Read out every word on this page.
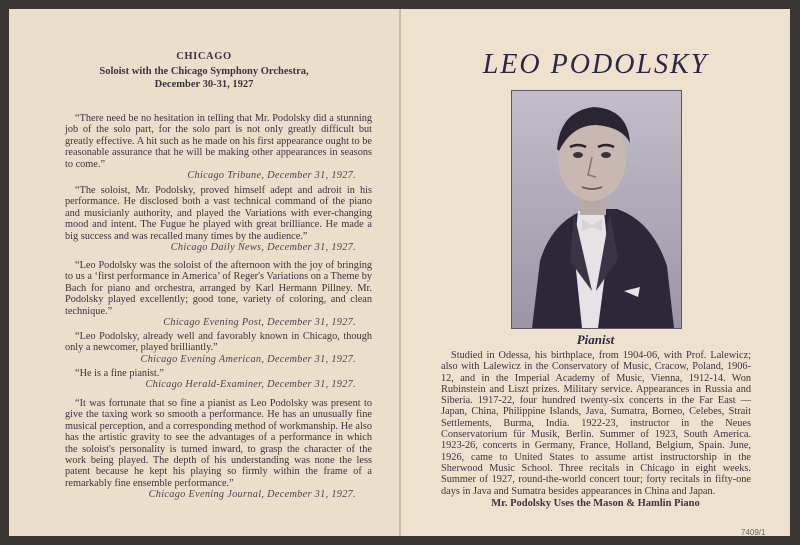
CHICAGO
Soloist with the Chicago Symphony Orchestra,
December 30-31, 1927
“There need be no hesitation in telling that Mr. Podolsky did a stunning job of the solo part, for the solo part is not only greatly difficult but greatly effective. A hit such as he made on his first appearance ought to be reasonable assurance that he will be making other appearances in seasons to come.”
Chicago Tribune, December 31, 1927.
“The soloist, Mr. Podolsky, proved himself adept and adroit in his performance. He disclosed both a vast technical command of the piano and musicianly authority, and played the Variations with ever-changing mood and intent. The Fugue he played with great brilliance. He made a big success and was recalled many times by the audience.”
Chicago Daily News, December 31, 1927.
“Leo Podolsky was the soloist of the afternoon with the joy of bringing to us a ‘first performance in America’ of Reger's Variations on a Theme by Bach for piano and orchestra, arranged by Karl Hermann Pillney. Mr. Podolsky played excellently; good tone, variety of coloring, and clean technique.”
Chicago Evening Post, December 31, 1927.
“Leo Podolsky, already well and favorably known in Chicago, though only a newcomer, played brilliantly.”
Chicago Evening American, December 31, 1927.
“He is a fine pianist.”
Chicago Herald-Examiner, December 31, 1927.
“It was fortunate that so fine a pianist as Leo Podolsky was present to give the taxing work so smooth a performance. He has an unusually fine musical perception, and a corresponding method of workmanship. He also has the artistic gravity to see the advantages of a performance in which the soloist's personality is turned inward, to grasp the character of the work being played. The depth of his understanding was none the less patent because he kept his playing so firmly within the frame of a remarkably fine ensemble performance.”
Chicago Evening Journal, December 31, 1927.
LEO PODOLSKY
Pianist
Studied in Odessa, his birthplace, from 1904-06, with Prof. Lalewicz; also with Lalewicz in the Conservatory of Music, Cracow, Poland, 1906-12, and in the Imperial Academy of Music, Vienna, 1912-14. Won Rubinstein and Liszt prizes. Military service. Appearances in Russia and Siberia. 1917-22, four hundred twenty-six concerts in the Far East — Japan, China, Philippine Islands, Java, Sumatra, Borneo, Celebes, Strait Settlements, Burma, India. 1922-23, instructor in the Neues Conservatorium für Musik, Berlin. Summer of 1923, South America. 1923-26, concerts in Germany, France, Holland, Belgium, Spain. June, 1926, came to United States to assume artist instructorship in the Sherwood Music School. Three recitals in Chicago in eight weeks. Summer of 1927, round-the-world concert tour; forty recitals in fifty-one days in Java and Sumatra besides appearances in China and Japan.
Mr. Podolsky Uses the Mason & Hamlin Piano
7409/1
